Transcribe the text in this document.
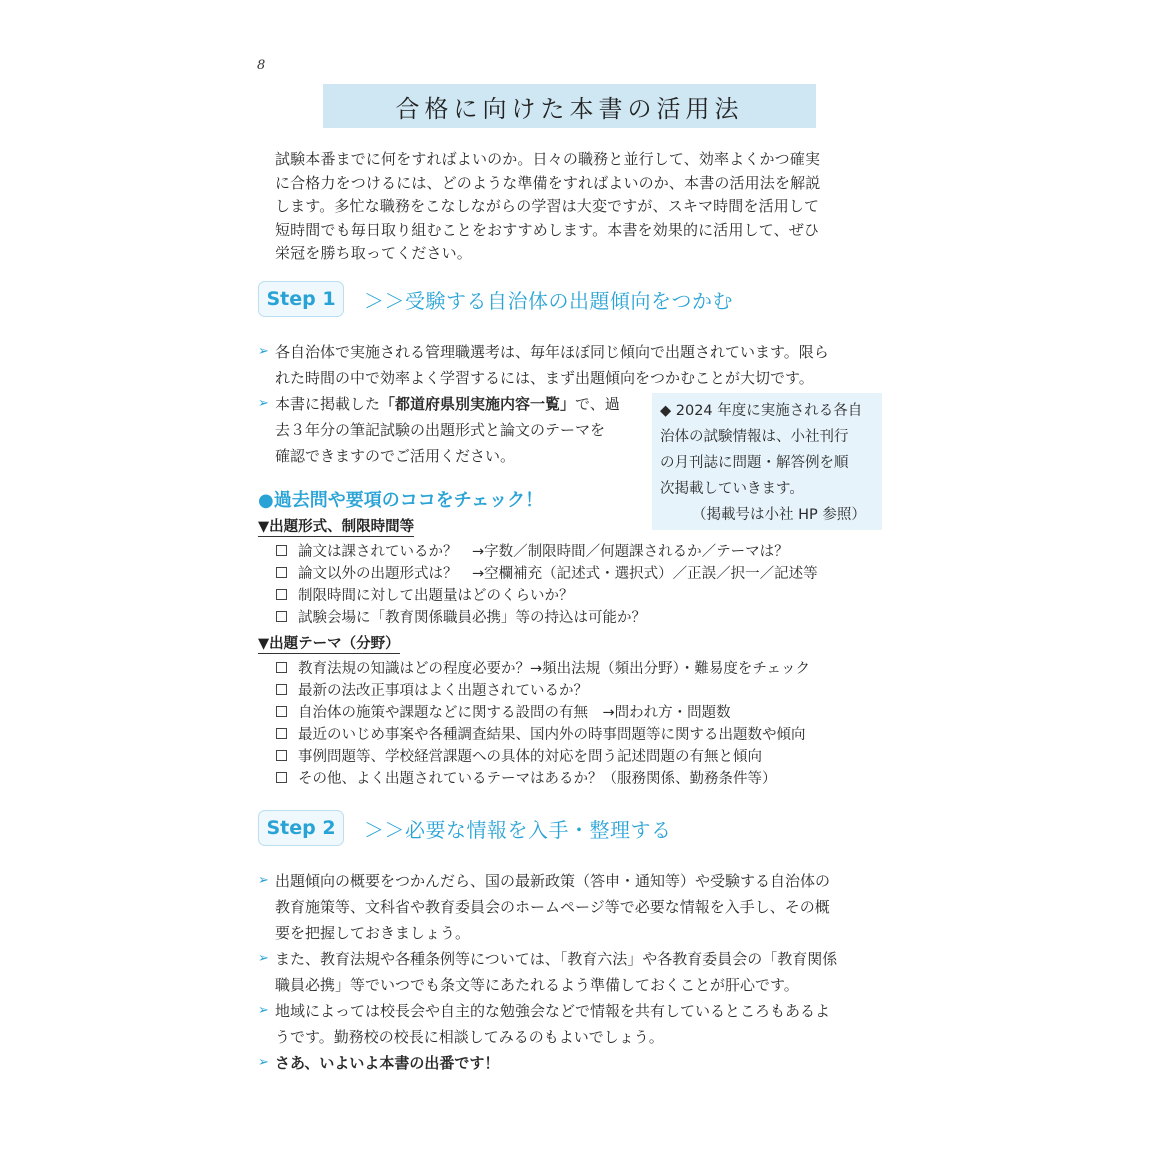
8
合格に向けた本書の活用法
試験本番までに何をすればよいのか。日々の職務と並行して、効率よくかつ確実
に合格力をつけるには、どのような準備をすればよいのか、本書の活用法を解説
します。多忙な職務をこなしながらの学習は大変ですが、スキマ時間を活用して
短時間でも毎日取り組むことをおすすめします。本書を効果的に活用して、ぜひ
栄冠を勝ち取ってください。
Step 1 ＞＞受験する自治体の出題傾向をつかむ
➢ 各自治体で実施される管理職選考は、毎年ほぼ同じ傾向で出題されています。限ら
れた時間の中で効率よく学習するには、まず出題傾向をつかむことが大切です。
➢ 本書に掲載した「都道府県別実施内容一覧」で、過
去３年分の筆記試験の出題形式と論文のテーマを
確認できますのでご活用ください。
◆ 2024 年度に実施される各自
治体の試験情報は、小社刊行
の月刊誌に問題・解答例を順
次掲載していきます。
（掲載号は小社 HP 参照）
●過去問や要項のココをチェック！
▼出題形式、制限時間等
論文は課されているか？　→字数／制限時間／何題課されるか／テーマは？
論文以外の出題形式は？　→空欄補充（記述式・選択式）／正誤／択一／記述等
制限時間に対して出題量はどのくらいか？
試験会場に「教育関係職員必携」等の持込は可能か？
▼出題テーマ（分野）
教育法規の知識はどの程度必要か？→頻出法規（頻出分野）・難易度をチェック
最新の法改正事項はよく出題されているか？
自治体の施策や課題などに関する設問の有無　→問われ方・問題数
最近のいじめ事案や各種調査結果、国内外の時事問題等に関する出題数や傾向
事例問題等、学校経営課題への具体的対応を問う記述問題の有無と傾向
その他、よく出題されているテーマはあるか？（服務関係、勤務条件等）
Step 2 ＞＞必要な情報を入手・整理する
➢ 出題傾向の概要をつかんだら、国の最新政策（答申・通知等）や受験する自治体の
教育施策等、文科省や教育委員会のホームページ等で必要な情報を入手し、その概
要を把握しておきましょう。
➢ また、教育法規や各種条例等については、「教育六法」や各教育委員会の「教育関係
職員必携」等でいつでも条文等にあたれるよう準備しておくことが肝心です。
➢ 地域によっては校長会や自主的な勉強会などで情報を共有しているところもあるよ
うです。勤務校の校長に相談してみるのもよいでしょう。
➢ さあ、いよいよ本書の出番です！
